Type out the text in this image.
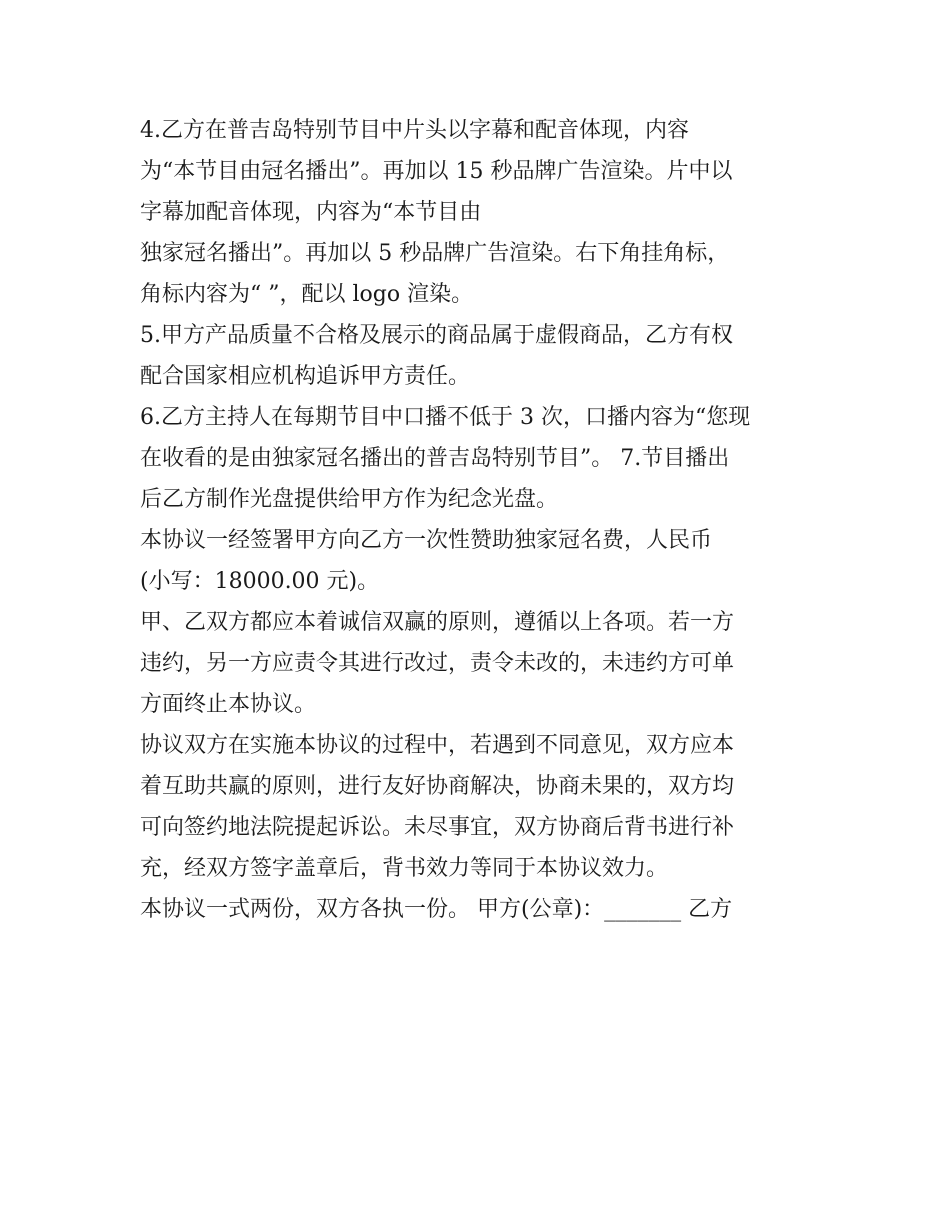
4.乙方在普吉岛特别节目中片头以字幕和配音体现，内容

为“本节目由冠名播出”。再加以 15 秒品牌广告渲染。片中以

字幕加配音体现，内容为“本节目由

独家冠名播出”。再加以 5 秒品牌广告渲染。右下角挂角标，

角标内容为“ ”，配以 logo 渲染。

5.甲方产品质量不合格及展示的商品属于虚假商品，乙方有权

配合国家相应机构追诉甲方责任。

6.乙方主持人在每期节目中口播不低于 3 次，口播内容为“您现

在收看的是由独家冠名播出的普吉岛特别节目”。 7.节目播出

后乙方制作光盘提供给甲方作为纪念光盘。

本协议一经签署甲方向乙方一次性赞助独家冠名费，人民币

(小写：18000.00 元)。

甲、乙双方都应本着诚信双赢的原则，遵循以上各项。若一方

违约，另一方应责令其进行改过，责令未改的，未违约方可单

方面终止本协议。

协议双方在实施本协议的过程中，若遇到不同意见，双方应本

着互助共赢的原则，进行友好协商解决，协商未果的，双方均

可向签约地法院提起诉讼。未尽事宜，双方协商后背书进行补

充，经双方签字盖章后，背书效力等同于本协议效力。

本协议一式两份，双方各执一份。 甲方(公章)：_______ 乙方
